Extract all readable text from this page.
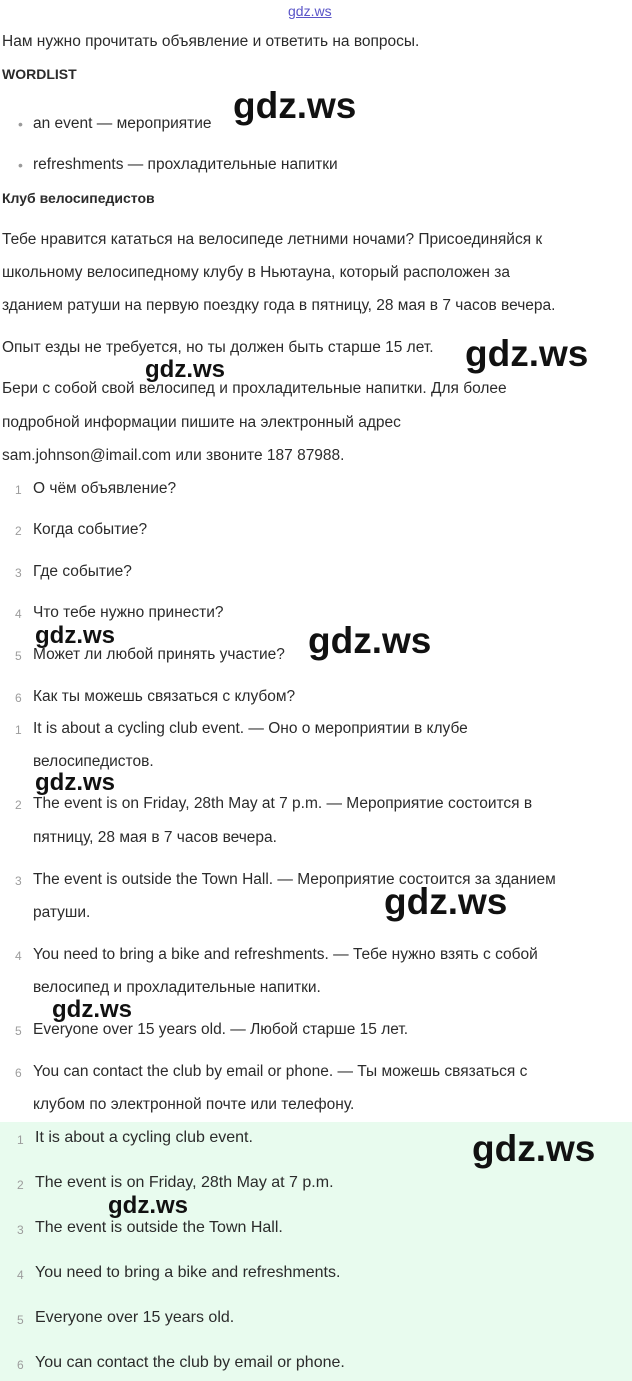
gdz.ws
Нам нужно прочитать объявление и ответить на вопросы.
WORDLIST
• an event — мероприятие
• refreshments — прохладительные напитки
Клуб велосипедистов
Тебе нравится кататься на велосипеде летними ночами? Присоединяйся к
школьному велосипедному клубу в Ньютауна, который расположен за
зданием ратуши на первую поездку года в пятницу, 28 мая в 7 часов вечера.
Опыт езды не требуется, но ты должен быть старше 15 лет.
Бери с собой свой велосипед и прохладительные напитки. Для более
подробной информации пишите на электронный адрес
sam.johnson@imail.com или звоните 187 87988.
1 О чём объявление?
2 Когда событие?
3 Где событие?
4 Что тебе нужно принести?
5 Может ли любой принять участие?
6 Как ты можешь связаться с клубом?
1 It is about a cycling club event. — Оно о мероприятии в клубе
велосипедистов.
2 The event is on Friday, 28th May at 7 p.m. — Мероприятие состоится в
пятницу, 28 мая в 7 часов вечера.
3 The event is outside the Town Hall. — Мероприятие состоится за зданием
ратуши.
4 You need to bring a bike and refreshments. — Тебе нужно взять с собой
велосипед и прохладительные напитки.
5 Everyone over 15 years old. — Любой старше 15 лет.
6 You can contact the club by email or phone. — Ты можешь связаться с
клубом по электронной почте или телефону.
1 It is about a cycling club event.
2 The event is on Friday, 28th May at 7 p.m.
3 The event is outside the Town Hall.
4 You need to bring a bike and refreshments.
5 Everyone over 15 years old.
6 You can contact the club by email or phone.
gdz.ws
gdz.ws
gdz.ws
gdz.ws	gdz.ws
gdz.ws
gdz.ws
gdz.ws
gdz.ws
gdz.ws
